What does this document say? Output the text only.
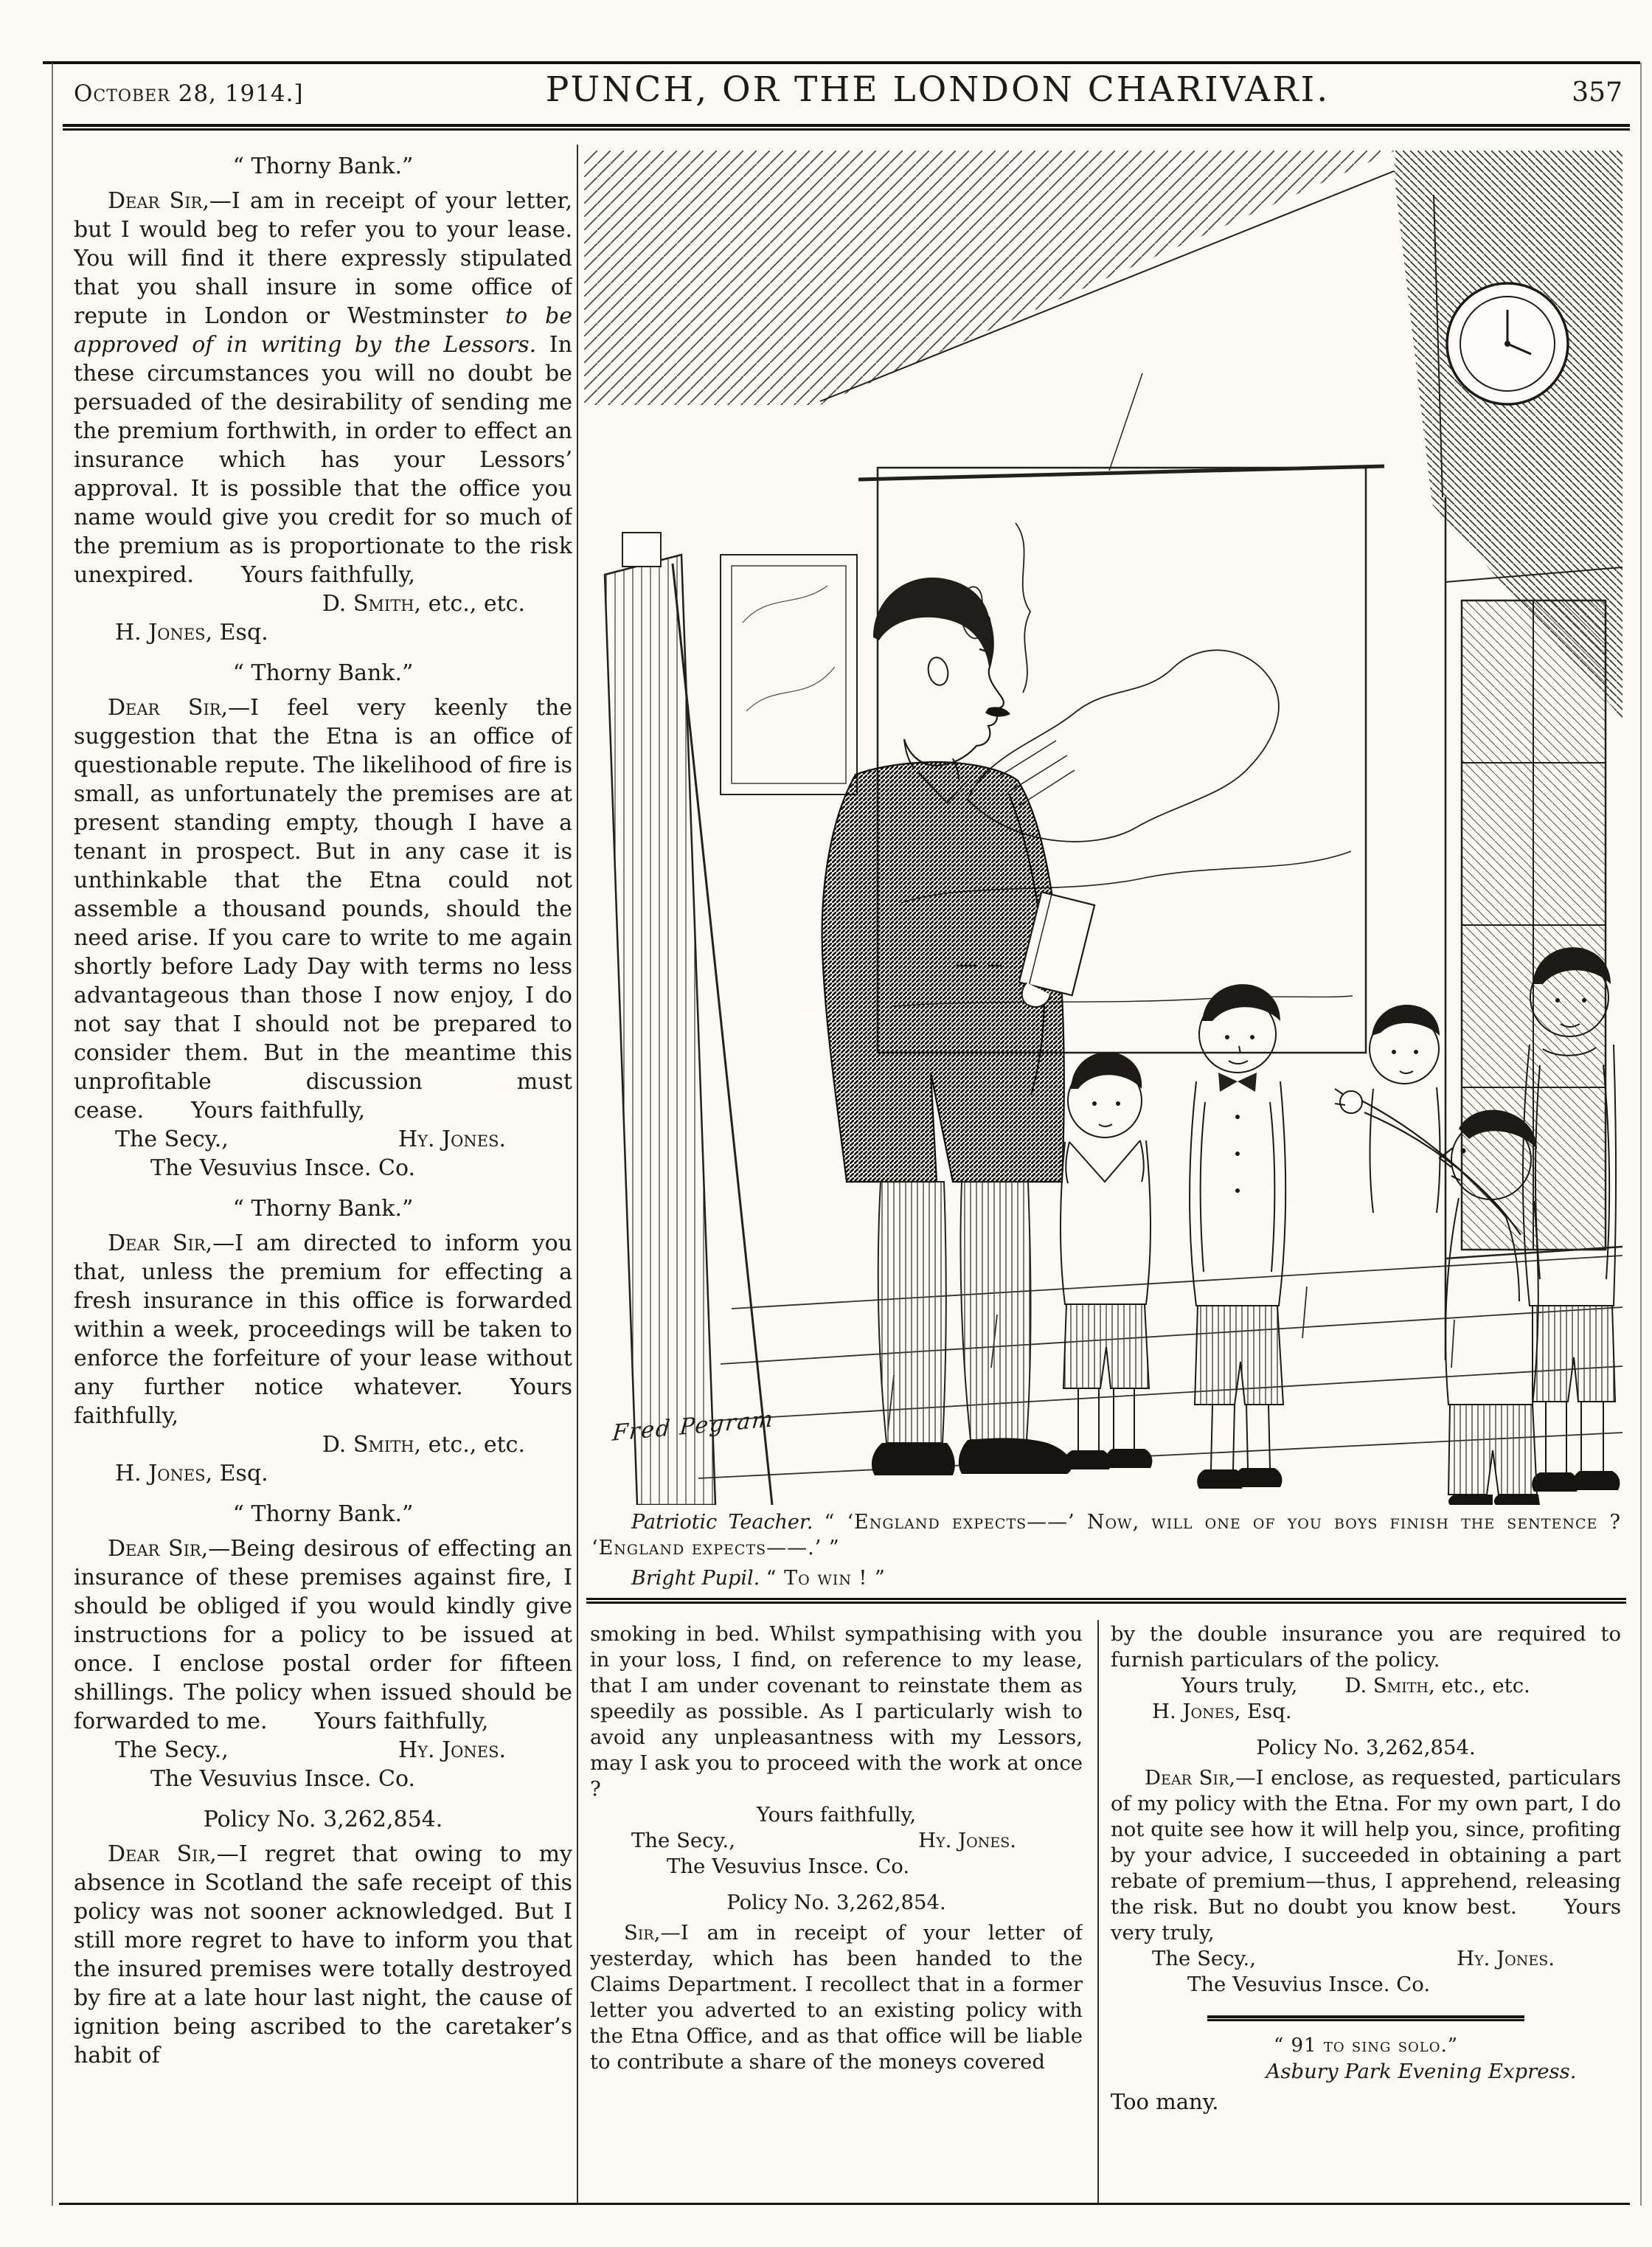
October 28, 1914.]	PUNCH, OR THE LONDON CHARIVARI.	357

“ Thorny Bank.”

Dear Sir,—I am in receipt of your letter, but I would beg to refer you to your lease. You will find it there expressly stipulated that you shall insure in some office of repute in London or Westminster to be approved of in writing by the Lessors. In these circumstances you will no doubt be persuaded of the desirability of sending me the premium forthwith, in order to effect an insurance which has your Lessors’ approval. It is possible that the office you name would give you credit for so much of the premium as is proportionate to the risk unexpired. Yours faithfully,

D. Smith, etc., etc.

H. Jones, Esq.

“ Thorny Bank.”

Dear Sir,—I feel very keenly the suggestion that the Etna is an office of questionable repute. The likelihood of fire is small, as unfortunately the premises are at present standing empty, though I have a tenant in prospect. But in any case it is unthinkable that the Etna could not assemble a thousand pounds, should the need arise. If you care to write to me again shortly before Lady Day with terms no less advantageous than those I now enjoy, I do not say that I should not be prepared to consider them. But in the meantime this unprofitable discussion must cease. Yours faithfully,

The Secy.,	Hy. Jones.

The Vesuvius Insce. Co.

“ Thorny Bank.”

Dear Sir,—I am directed to inform you that, unless the premium for effecting a fresh insurance in this office is forwarded within a week, proceedings will be taken to enforce the forfeiture of your lease without any further notice whatever. Yours faithfully,

D. Smith, etc., etc.

H. Jones, Esq.

“ Thorny Bank.”

Dear Sir,—Being desirous of effecting an insurance of these premises against fire, I should be obliged if you would kindly give instructions for a policy to be issued at once. I enclose postal order for fifteen shillings. The policy when issued should be forwarded to me. Yours faithfully,

The Secy.,	Hy. Jones.

The Vesuvius Insce. Co.

Policy No. 3,262,854.

Dear Sir,—I regret that owing to my absence in Scotland the safe receipt of this policy was not sooner acknowledged. But I still more regret to have to inform you that the insured premises were totally destroyed by fire at a late hour last night, the cause of ignition being ascribed to the caretaker’s habit of

Fred Pegram

Patriotic Teacher. “ ‘England expects——’ Now, will one of you boys finish the sentence ? ‘England expects——.’ ”

Bright Pupil. “ To win ! ”

smoking in bed. Whilst sympathising with you in your loss, I find, on reference to my lease, that I am under covenant to reinstate them as speedily as possible. As I particularly wish to avoid any unpleasantness with my Lessors, may I ask you to proceed with the work at once ?

Yours faithfully,

The Secy.,	Hy. Jones.

The Vesuvius Insce. Co.

Policy No. 3,262,854.

Sir,—I am in receipt of your letter of yesterday, which has been handed to the Claims Department. I recollect that in a former letter you adverted to an existing policy with the Etna Office, and as that office will be liable to contribute a share of the moneys covered

by the double insurance you are required to furnish particulars of the policy.

Yours truly, D. Smith, etc., etc.

H. Jones, Esq.

Policy No. 3,262,854.

Dear Sir,—I enclose, as requested, particulars of my policy with the Etna. For my own part, I do not quite see how it will help you, since, profiting by your advice, I succeeded in obtaining a part rebate of premium—thus, I apprehend, releasing the risk. But no doubt you know best. Yours very truly,

The Secy.,	Hy. Jones.

The Vesuvius Insce. Co.

“ 91 to sing solo.”

Asbury Park Evening Express.

Too many.
